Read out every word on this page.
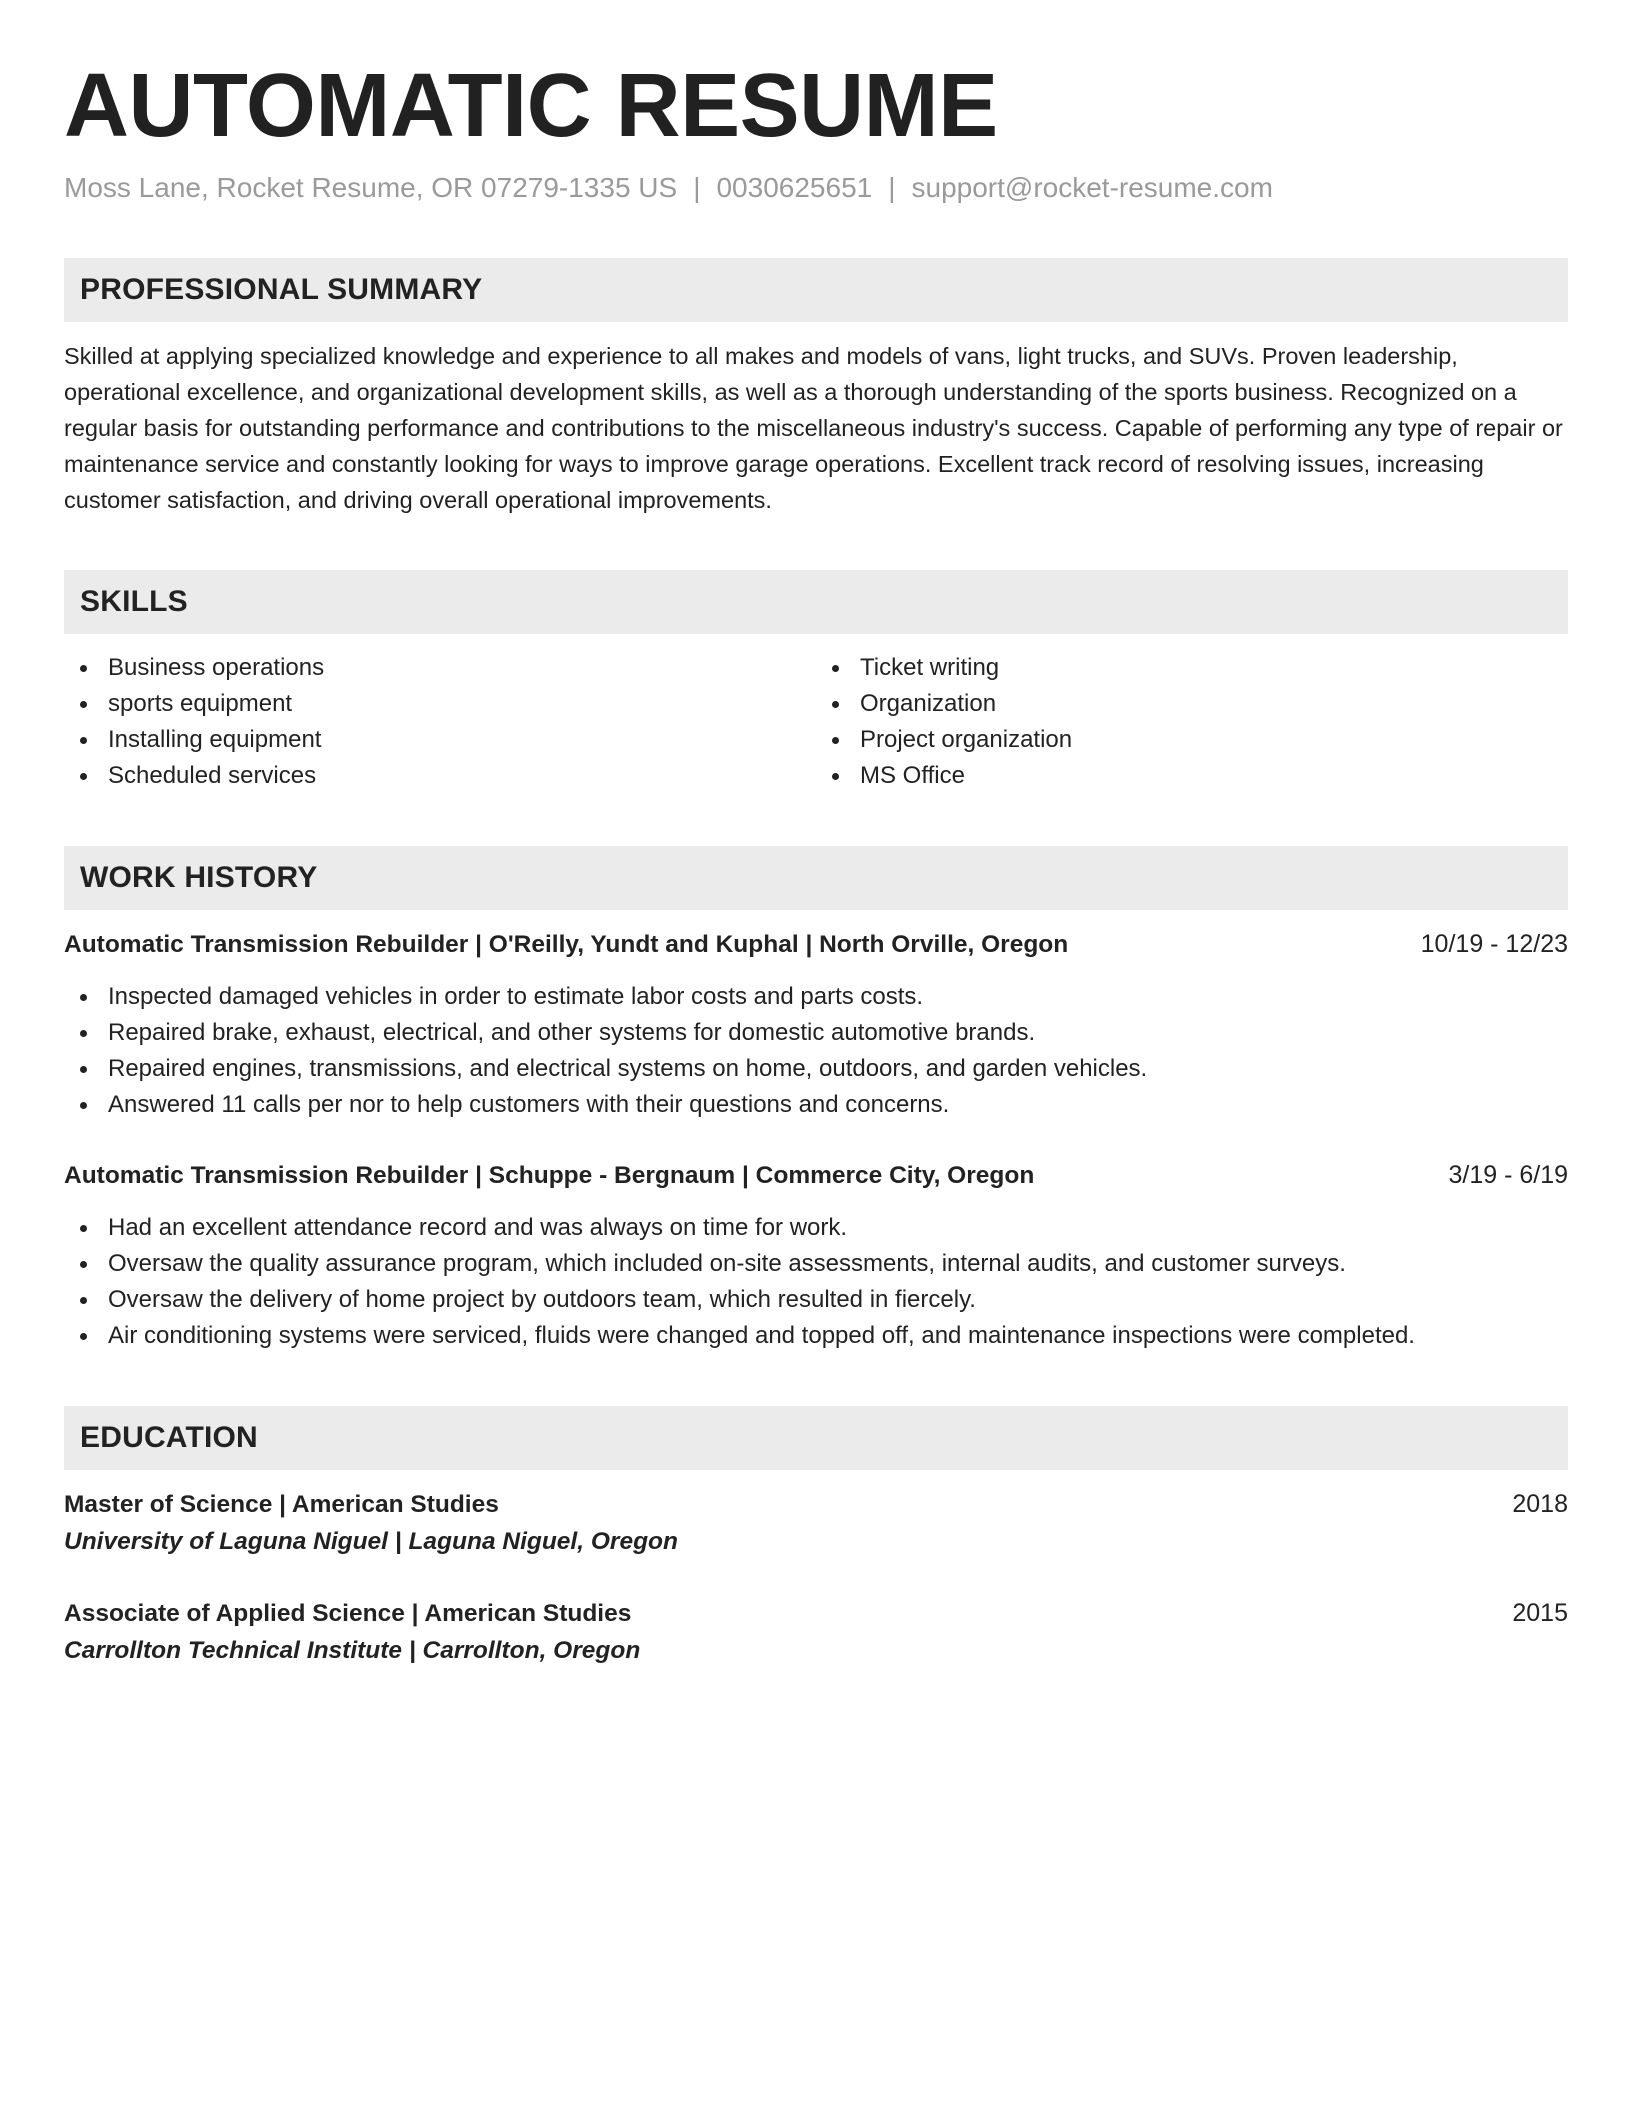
AUTOMATIC RESUME
Moss Lane, Rocket Resume, OR 07279-1335 US | 0030625651 | support@rocket-resume.com
PROFESSIONAL SUMMARY

Skilled at applying specialized knowledge and experience to all makes and models of vans, light trucks, and SUVs. Proven leadership, operational excellence, and organizational development skills, as well as a thorough understanding of the sports business. Recognized on a regular basis for outstanding performance and contributions to the miscellaneous industry's success. Capable of performing any type of repair or maintenance service and constantly looking for ways to improve garage operations. Excellent track record of resolving issues, increasing customer satisfaction, and driving overall operational improvements.

SKILLS
Business operations
sports equipment
Installing equipment
Scheduled services
Ticket writing
Organization
Project organization
MS Office
WORK HISTORY
Automatic Transmission Rebuilder | O'Reilly, Yundt and Kuphal | North Orville, Oregon	10/19 - 12/23
Inspected damaged vehicles in order to estimate labor costs and parts costs.
Repaired brake, exhaust, electrical, and other systems for domestic automotive brands.
Repaired engines, transmissions, and electrical systems on home, outdoors, and garden vehicles.
Answered 11 calls per nor to help customers with their questions and concerns.
Automatic Transmission Rebuilder | Schuppe - Bergnaum | Commerce City, Oregon	3/19 - 6/19
Had an excellent attendance record and was always on time for work.
Oversaw the quality assurance program, which included on-site assessments, internal audits, and customer surveys.
Oversaw the delivery of home project by outdoors team, which resulted in fiercely.
Air conditioning systems were serviced, fluids were changed and topped off, and maintenance inspections were completed.
EDUCATION
Master of Science | American Studies	2018
University of Laguna Niguel | Laguna Niguel, Oregon
Associate of Applied Science | American Studies	2015
Carrollton Technical Institute | Carrollton, Oregon
